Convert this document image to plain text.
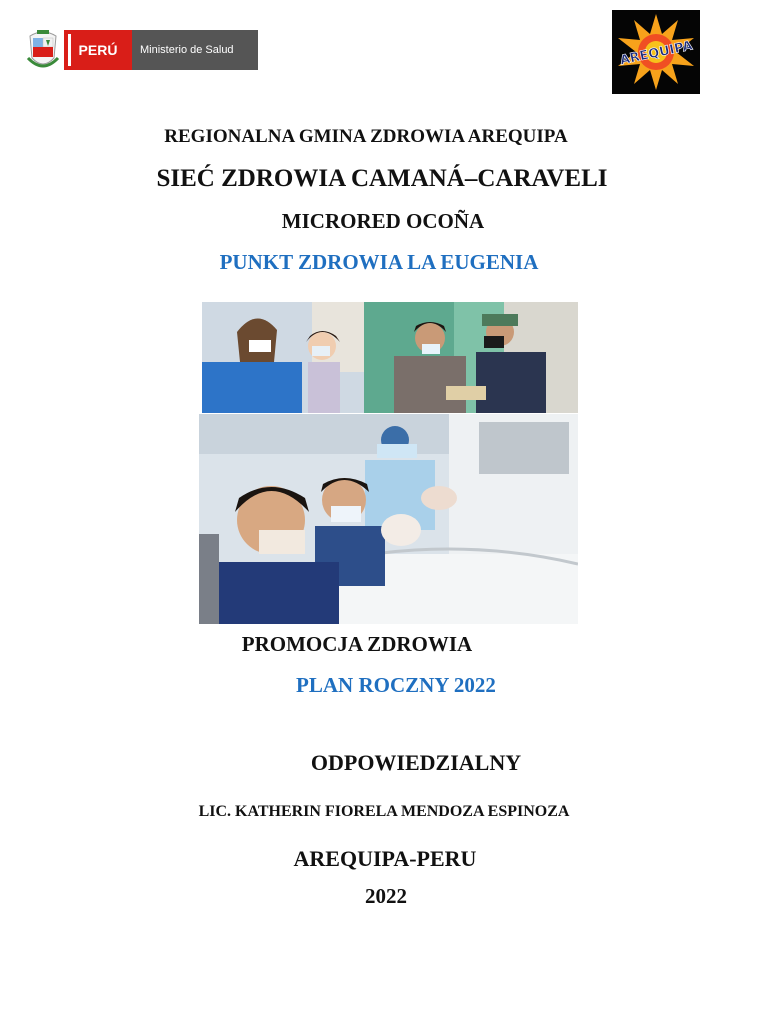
PERÚ	Ministerio de Salud	AREQUIPA
REGIONALNA GMINA ZDROWIA AREQUIPA
SIEĆ ZDROWIA CAMANÁ–CARAVELI
MICRORED OCOÑA
PUNKT ZDROWIA LA EUGENIA
PROMOCJA ZDROWIA
PLAN ROCZNY 2022
ODPOWIEDZIALNY
LIC. KATHERIN FIORELA MENDOZA ESPINOZA
AREQUIPA-PERU
2022
